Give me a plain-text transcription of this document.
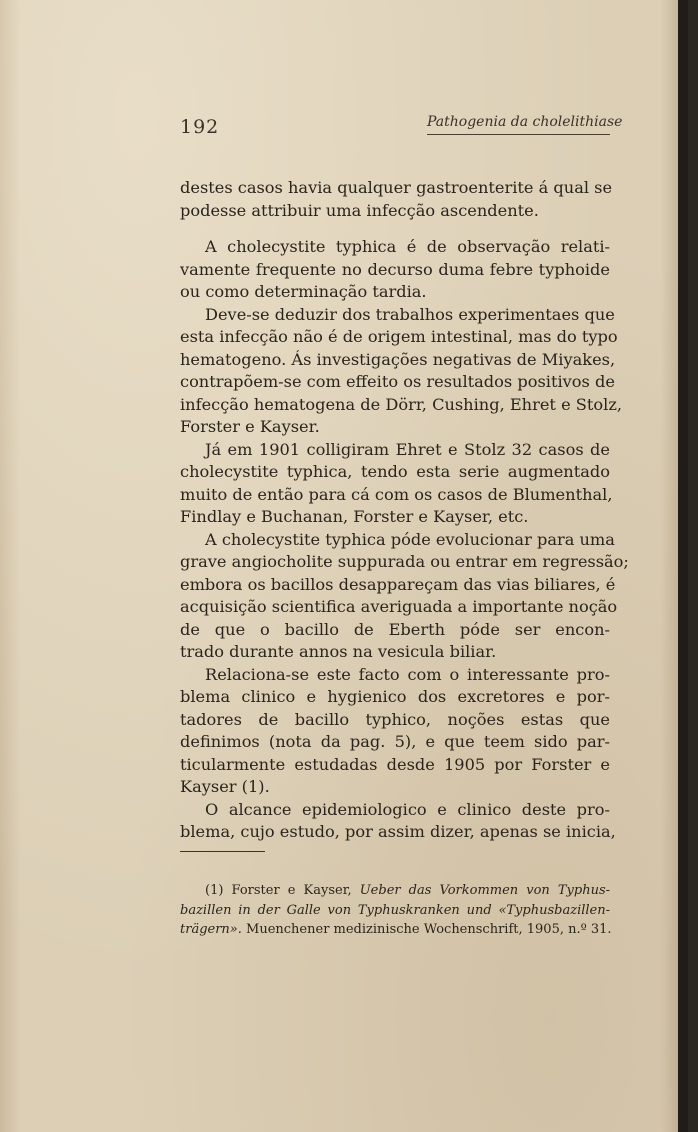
192	Pathogenia da cholelithiase
destes casos havia qualquer gastroenterite á qual se
podesse attribuir uma infecção ascendente.
A cholecystite typhica é de observação relati-
vamente frequente no decurso duma febre typhoide
ou como determinação tardia.
Deve-se deduzir dos trabalhos experimentaes que
esta infecção não é de origem intestinal, mas do typo
hematogeno. Ás investigações negativas de Miyakes,
contrapõem-se com effeito os resultados positivos de
infecção hematogena de Dörr, Cushing, Ehret e Stolz,
Forster e Kayser.
Já em 1901 colligiram Ehret e Stolz 32 casos de
cholecystite typhica, tendo esta serie augmentado
muito de então para cá com os casos de Blumenthal,
Findlay e Buchanan, Forster e Kayser, etc.
A cholecystite typhica póde evolucionar para uma
grave angiocholite suppurada ou entrar em regressão;
embora os bacillos desappareçam das vias biliares, é
acquisição scientifica averiguada a importante noção
de que o bacillo de Eberth póde ser encon-
trado durante annos na vesicula biliar.
Relaciona-se este facto com o interessante pro-
blema clinico e hygienico dos excretores e por-
tadores de bacillo typhico, noções estas que
definimos (nota da pag. 5), e que teem sido par-
ticularmente estudadas desde 1905 por Forster e
Kayser (1).
O alcance epidemiologico e clinico deste pro-
blema, cujo estudo, por assim dizer, apenas se inicia,
(1) Forster e Kayser, Ueber das Vorkommen von Typhus-
bazillen in der Galle von Typhuskranken und «Typhusbazillen-
trägern». Muenchener medizinische Wochenschrift, 1905, n.º 31.
